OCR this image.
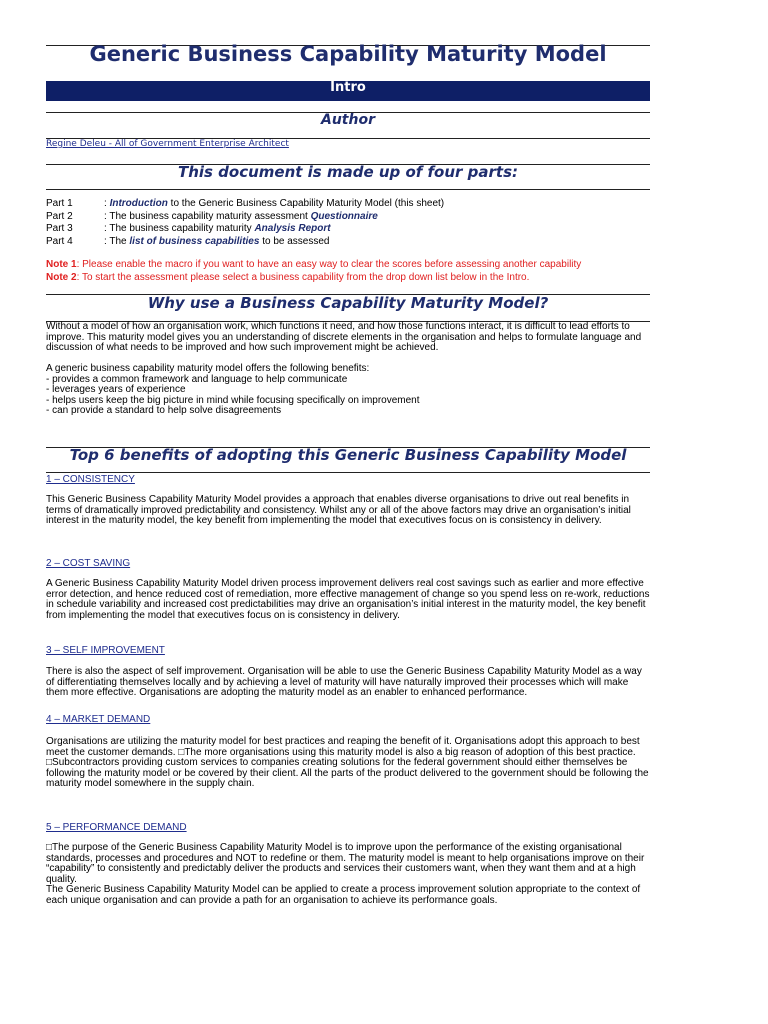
Generic Business Capability Maturity Model
Intro
Author
Regine Deleu - All of Government Enterprise Architect
This document is made up of four parts:
Part 1	: Introduction to the Generic Business Capability Maturity Model (this sheet)
Part 2	: The business capability maturity assessment Questionnaire
Part 3	: The business capability maturity Analysis Report
Part 4	: The list of business capabilities to be assessed
Note 1: Please enable the macro if you want to have an easy way to clear the scores before assessing another capability
Note 2: To start the assessment please select a business capability from the drop down list below in the Intro.
Why use a Business Capability Maturity Model?
Without a model of how an organisation work, which functions it need, and how those functions interact, it is difficult to lead efforts to improve. This maturity model gives you an understanding of discrete elements in the organisation and helps to formulate language and discussion of what needs to be improved and how such improvement might be achieved.
A generic business capability maturity model offers the following benefits:
- provides a common framework and language to help communicate
- leverages years of experience
- helps users keep the big picture in mind while focusing specifically on improvement
- can provide a standard to help solve disagreements
Top 6 benefits of adopting this Generic Business Capability Model
1 – CONSISTENCY
This Generic Business Capability Maturity Model provides a approach that enables diverse organisations to drive out real benefits in terms of dramatically improved predictability and consistency. Whilst any or all of the above factors may drive an organisation’s initial interest in the maturity model, the key benefit from implementing the model that executives focus on is consistency in delivery.
2 – COST SAVING
A Generic Business Capability Maturity Model driven process improvement delivers real cost savings such as earlier and more effective error detection, and hence reduced cost of remediation, more effective management of change so you spend less on re-work, reductions in schedule variability and increased cost predictabilities may drive an organisation’s initial interest in the maturity model, the key benefit from implementing the model that executives focus on is consistency in delivery.
3 – SELF IMPROVEMENT
There is also the aspect of self improvement. Organisation will be able to use the Generic Business Capability Maturity Model as a way of differentiating themselves locally and by achieving a level of maturity will have naturally improved their processes which will make them more effective. Organisations are adopting the maturity model as an enabler to enhanced performance.
4 – MARKET DEMAND
Organisations are utilizing the maturity model for best practices and reaping the benefit of it. Organisations adopt this approach to best meet the customer demands. □The more organisations using this maturity model is also a big reason of adoption of this best practice. □Subcontractors providing custom services to companies creating solutions for the federal government should either themselves be following the maturity model or be covered by their client. All the parts of the product delivered to the government should be following the maturity model somewhere in the supply chain.
5 – PERFORMANCE DEMAND
□The purpose of the Generic Business Capability Maturity Model is to improve upon the performance of the existing organisational standards, processes and procedures and NOT to redefine or them. The maturity model is meant to help organisations improve on their “capability” to consistently and predictably deliver the products and services their customers want, when they want them and at a high quality.
The Generic Business Capability Maturity Model can be applied to create a process improvement solution appropriate to the context of each unique organisation and can provide a path for an organisation to achieve its performance goals.
